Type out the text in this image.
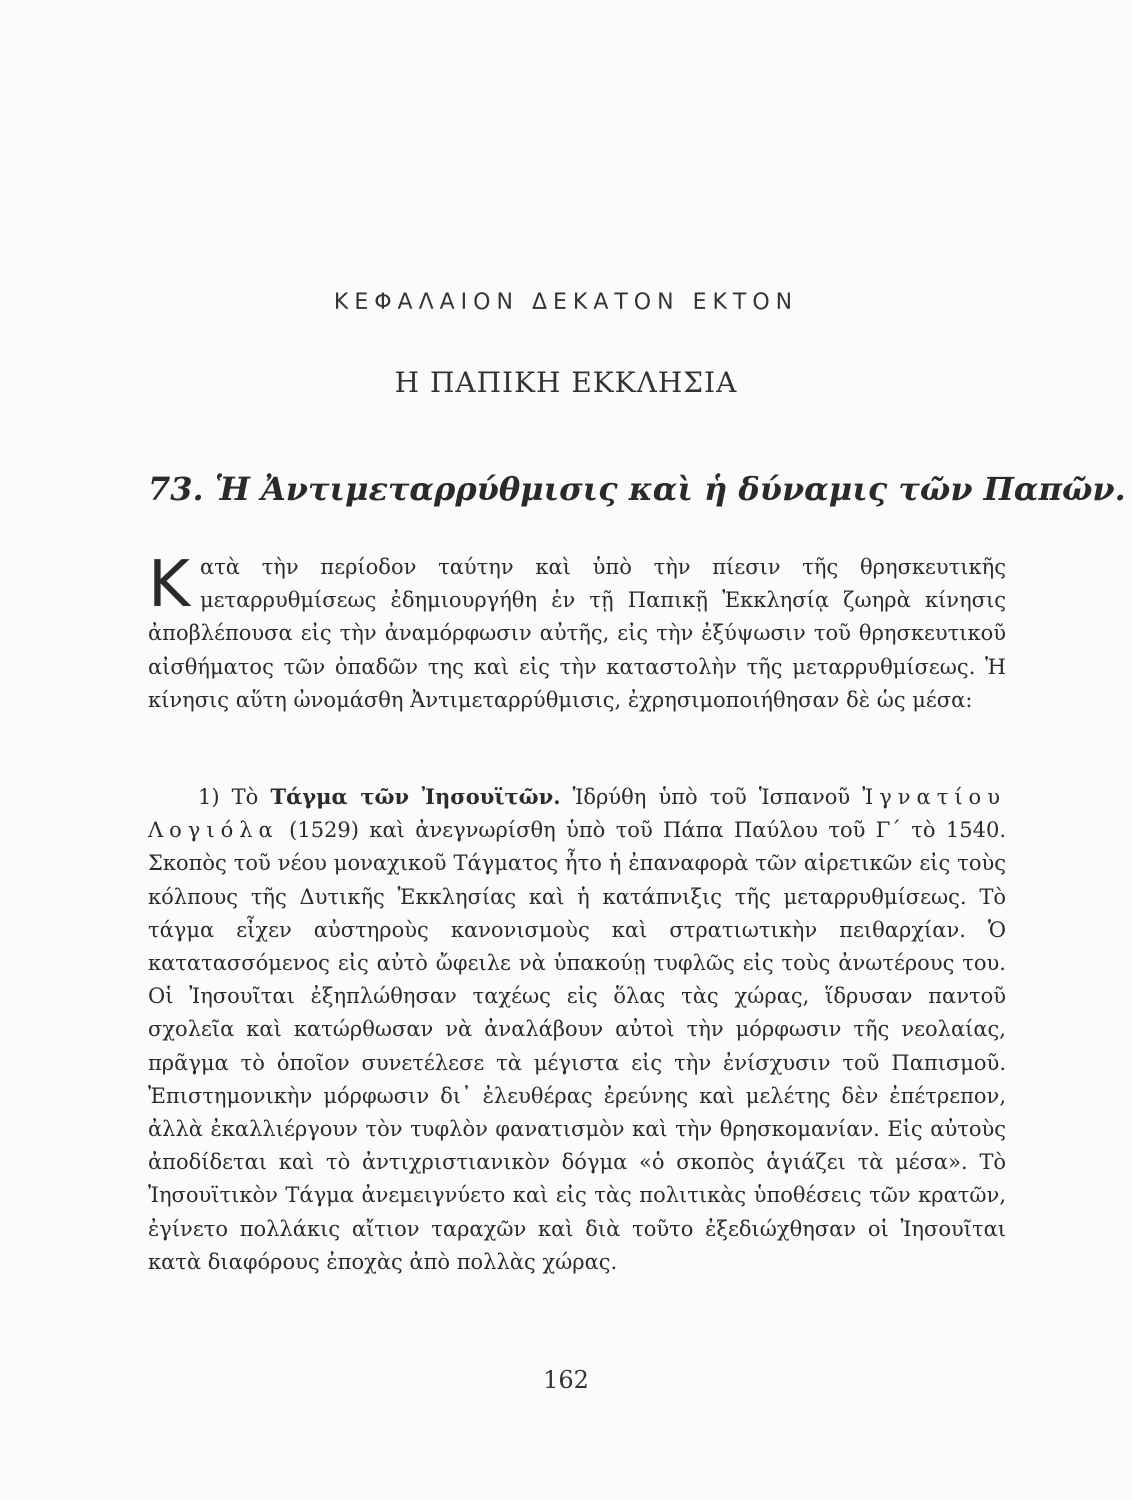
ΚΕΦΑΛΑΙΟΝ ΔΕΚΑΤΟΝ ΕΚΤΟΝ
Η ΠΑΠΙΚΗ ΕΚΚΛΗΣΙΑ
73. Ἡ Ἀντιμεταρρύθμισις καὶ ἡ δύναμις τῶν Παπῶν.
Κατὰ τὴν περίοδον ταύτην καὶ ὑπὸ τὴν πίεσιν τῆς θρησκευτικῆς μεταρρυθμίσεως ἐδημιουργήθη ἐν τῇ Παπικῇ Ἐκκλησίᾳ ζωηρὰ κίνησις ἀποβλέπουσα εἰς τὴν ἀναμόρφωσιν αὐτῆς, εἰς τὴν ἐξύψωσιν τοῦ θρησκευτικοῦ αἰσθήματος τῶν ὀπαδῶν της καὶ εἰς τὴν καταστολὴν τῆς μεταρρυθμίσεως. Ἡ κίνησις αὕτη ὠνομάσθη Ἀντιμεταρρύθμισις, ἐχρησιμοποιήθησαν δὲ ὡς μέσα:
1) Τὸ Τάγμα τῶν Ἰησουϊτῶν. Ἱδρύθη ὑπὸ τοῦ Ἱσπανοῦ Ἰγνατίου Λογιόλα (1529) καὶ ἀνεγνωρίσθη ὑπὸ τοῦ Πάπα Παύλου τοῦ Γ΄ τὸ 1540. Σκοπὸς τοῦ νέου μοναχικοῦ Τάγματος ἦτο ἡ ἐπαναφορὰ τῶν αἱρετικῶν εἰς τοὺς κόλπους τῆς Δυτικῆς Ἐκκλησίας καὶ ἡ κατάπνιξις τῆς μεταρρυθμίσεως. Τὸ τάγμα εἶχεν αὐστηροὺς κανονισμοὺς καὶ στρατιωτικὴν πειθαρχίαν. Ὁ κατατασσόμενος εἰς αὐτὸ ὤφειλε νὰ ὑπακούῃ τυφλῶς εἰς τοὺς ἀνωτέρους του. Οἱ Ἰησουῖται ἐξηπλώθησαν ταχέως εἰς ὅλας τὰς χώρας, ἵδρυσαν παντοῦ σχολεῖα καὶ κατώρθωσαν νὰ ἀναλάβουν αὐτοὶ τὴν μόρφωσιν τῆς νεολαίας, πρᾶγμα τὸ ὁποῖον συνετέλεσε τὰ μέγιστα εἰς τὴν ἐνίσχυσιν τοῦ Παπισμοῦ. Ἐπιστημονικὴν μόρφωσιν δι᾿ ἐλευθέρας ἐρεύνης καὶ μελέτης δὲν ἐπέτρεπον, ἀλλὰ ἐκαλλιέργουν τὸν τυφλὸν φανατισμὸν καὶ τὴν θρησκομανίαν. Εἰς αὐτοὺς ἀποδίδεται καὶ τὸ ἀντιχριστιανικὸν δόγμα «ὁ σκοπὸς ἁγιάζει τὰ μέσα». Τὸ Ἰησουϊτικὸν Τάγμα ἀνεμειγνύετο καὶ εἰς τὰς πολιτικὰς ὑποθέσεις τῶν κρατῶν, ἐγίνετο πολλάκις αἴτιον ταραχῶν καὶ διὰ τοῦτο ἐξεδιώχθησαν οἱ Ἰησουῖται κατὰ διαφόρους ἐποχὰς ἀπὸ πολλὰς χώρας.
162
